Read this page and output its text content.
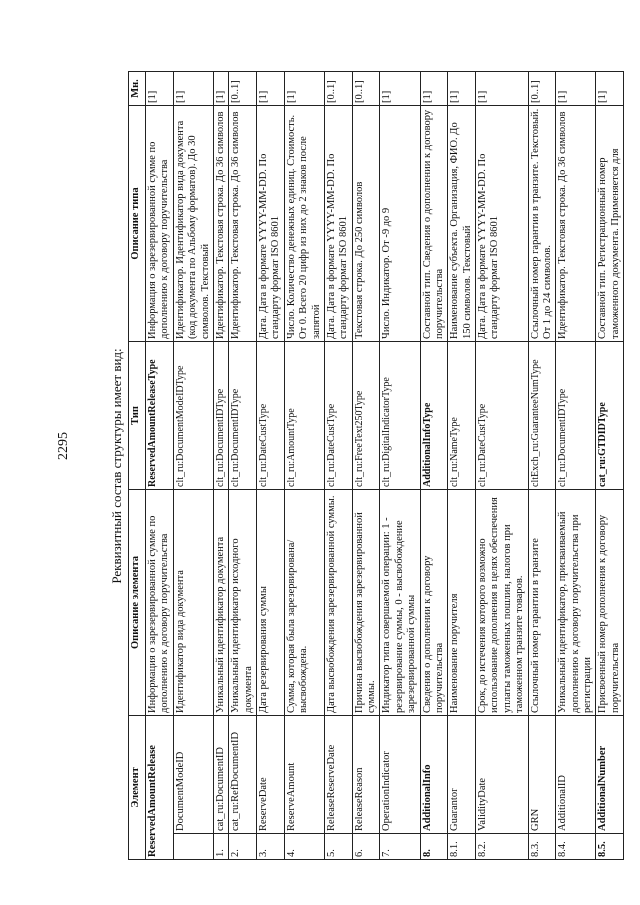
2295	Реквизитный состав структуры имеет вид:
Элемент		Описание элемента	Тип	Описание типа	Мн.
ReservedAmountRelease		Информация о зарезервированной сумме по дополнению к договору поручительства	ReservedAmountReleaseType	Информация о зарезервированной сумме по дополнению к договору поручительства	[1]
	DocumentModeID	Идентификатор вида документа	clt_ru:DocumentModeIDType	Идентификатор. Идентификатор вида документа (код документа по Альбому форматов). До 30 символов. Текстовый	[1]
1.	cat_ru:DocumentID	Уникальный идентификатор документа	clt_ru:DocumentIDType	Идентификатор. Текстовая строка. До 36 символов	[1]
2.	cat_ru:RefDocumentID	Уникальный идентификатор исходного документа	clt_ru:DocumentIDType	Идентификатор. Текстовая строка. До 36 символов	[0..1]
3.	ReserveDate	Дата резервирования суммы	clt_ru:DateCustType	Дата. Дата в формате YYYY-MM-DD. По стандарту формат ISO 8601	[1]
4.	ReserveAmount	Сумма, которая была зарезервирована/ высвобождена.	clt_ru:AmountType	Число. Количество денежных единиц. Стоимость. От 0. Всего 20 цифр из них до 2 знаков после запятой	[1]
5.	ReleaseReserveDate	Дата высвобождения зарезервированной суммы.	clt_ru:DateCustType	Дата. Дата в формате YYYY-MM-DD. По стандарту формат ISO 8601	[0..1]
6.	ReleaseReason	Причина высвобождения зарезервированной суммы.	clt_ru:FreeText250Type	Текстовая строка. До 250 символов	[0..1]
7.	OperationIndicator	Индикатор типа совершаемой операции: 1 - резервирование суммы, 0 - высвобождение зарезервированной суммы	clt_ru:DigitalIndicatorType	Число. Индикатор. От -9 до 9	[1]
8.	AdditionalInfo	Сведения о дополнении к договору поручительства	AdditionalInfoType	Составной тип. Сведения о дополнении к договору поручительства	[1]
8.1.	Guarantor	Наименование поручителя	clt_ru:NameType	Наименование субъекта. Организация, ФИО. До 150 символов. Текстовый	[1]
8.2.	ValidityDate	Срок, до истечения которого возможно использование дополнения в целях обеспечения уплаты таможенных пошлин, налогов при таможенном транзите товаров.	clt_ru:DateCustType	Дата. Дата в формате YYYY-MM-DD. По стандарту формат ISO 8601	[1]
8.3.	GRN	Ссылочный номер гарантии в транзите	cltExch_ru:GuaranteeNumType	Ссылочный номер гарантии в транзите. Текстовый. От 1 до 24 символов.	[0..1]
8.4.	AdditionalID	Уникальный идентификатор, присваиваемый дополнению к договору поручительства при регистрации	clt_ru:DocumentIDType	Идентификатор. Текстовая строка. До 36 символов	[1]
8.5.	AdditionalNumber	Присвоенный номер дополнения к договору поручительства	cat_ru:GTDIDType	Составной тип. Регистрационный номер таможенного документа. Применяется для	[1]
